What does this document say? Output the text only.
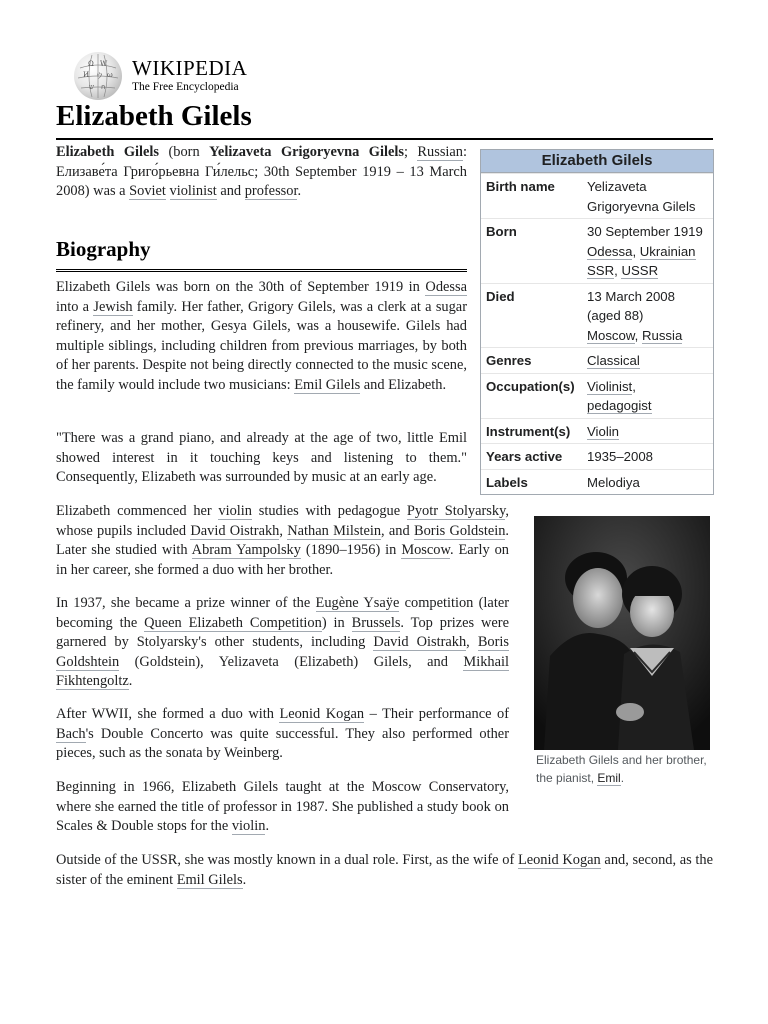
Ω W
И ウ ω
ש ก
WIKIPEDIA
The Free Encyclopedia
Elizabeth Gilels

Elizabeth Gilels (born Yelizaveta Grigoryevna Gilels; Russian: Елизаве́та Григо́рьевна Ги́лельс; 30th September 1919 – 13 March 2008) was a Soviet violinist and professor.

Biography

Elizabeth Gilels was born on the 30th of September 1919 in Odessa into a Jewish family. Her father, Grigory Gilels, was a clerk at a sugar refinery, and her mother, Gesya Gilels, was a housewife. Gilels had multiple siblings, including children from previous marriages, by both of her parents. Despite not being directly connected to the music scene, the family would include two musicians: Emil Gilels and Elizabeth.

"There was a grand piano, and already at the age of two, little Emil showed interest in it touching keys and listening to them." Consequently, Elizabeth was surrounded by music at an early age.

Elizabeth commenced her violin studies with pedagogue Pyotr Stolyarsky, whose pupils included David Oistrakh, Nathan Milstein, and Boris Goldstein. Later she studied with Abram Yampolsky (1890–1956) in Moscow. Early on in her career, she formed a duo with her brother.

In 1937, she became a prize winner of the Eugène Ysaÿe competition (later becoming the Queen Elizabeth Competition) in Brussels. Top prizes were garnered by Stolyarsky's other students, including David Oistrakh, Boris Goldshtein (Goldstein), Yelizaveta (Elizabeth) Gilels, and Mikhail Fikhtengoltz.

After WWII, she formed a duo with Leonid Kogan – Their performance of Bach's Double Concerto was quite successful. They also performed other pieces, such as the sonata by Weinberg.

Beginning in 1966, Elizabeth Gilels taught at the Moscow Conservatory, where she earned the title of professor in 1987. She published a study book on Scales & Double stops for the violin.

Outside of the USSR, she was mostly known in a dual role. First, as the wife of Leonid Kogan and, second, as the sister of the eminent Emil Gilels.

Elizabeth Gilels
Birth name	Yelizaveta Grigoryevna Gilels
Born	30 September 1919
Odessa, Ukrainian SSR, USSR
Died	13 March 2008 (aged 88)
Moscow, Russia
Genres	Classical
Occupation(s) Violinist,
pedagogist
Instrument(s)	Violin
Years active	1935–2008
Labels	Melodiya
Elizabeth Gilels and her brother, the pianist, Emil.
